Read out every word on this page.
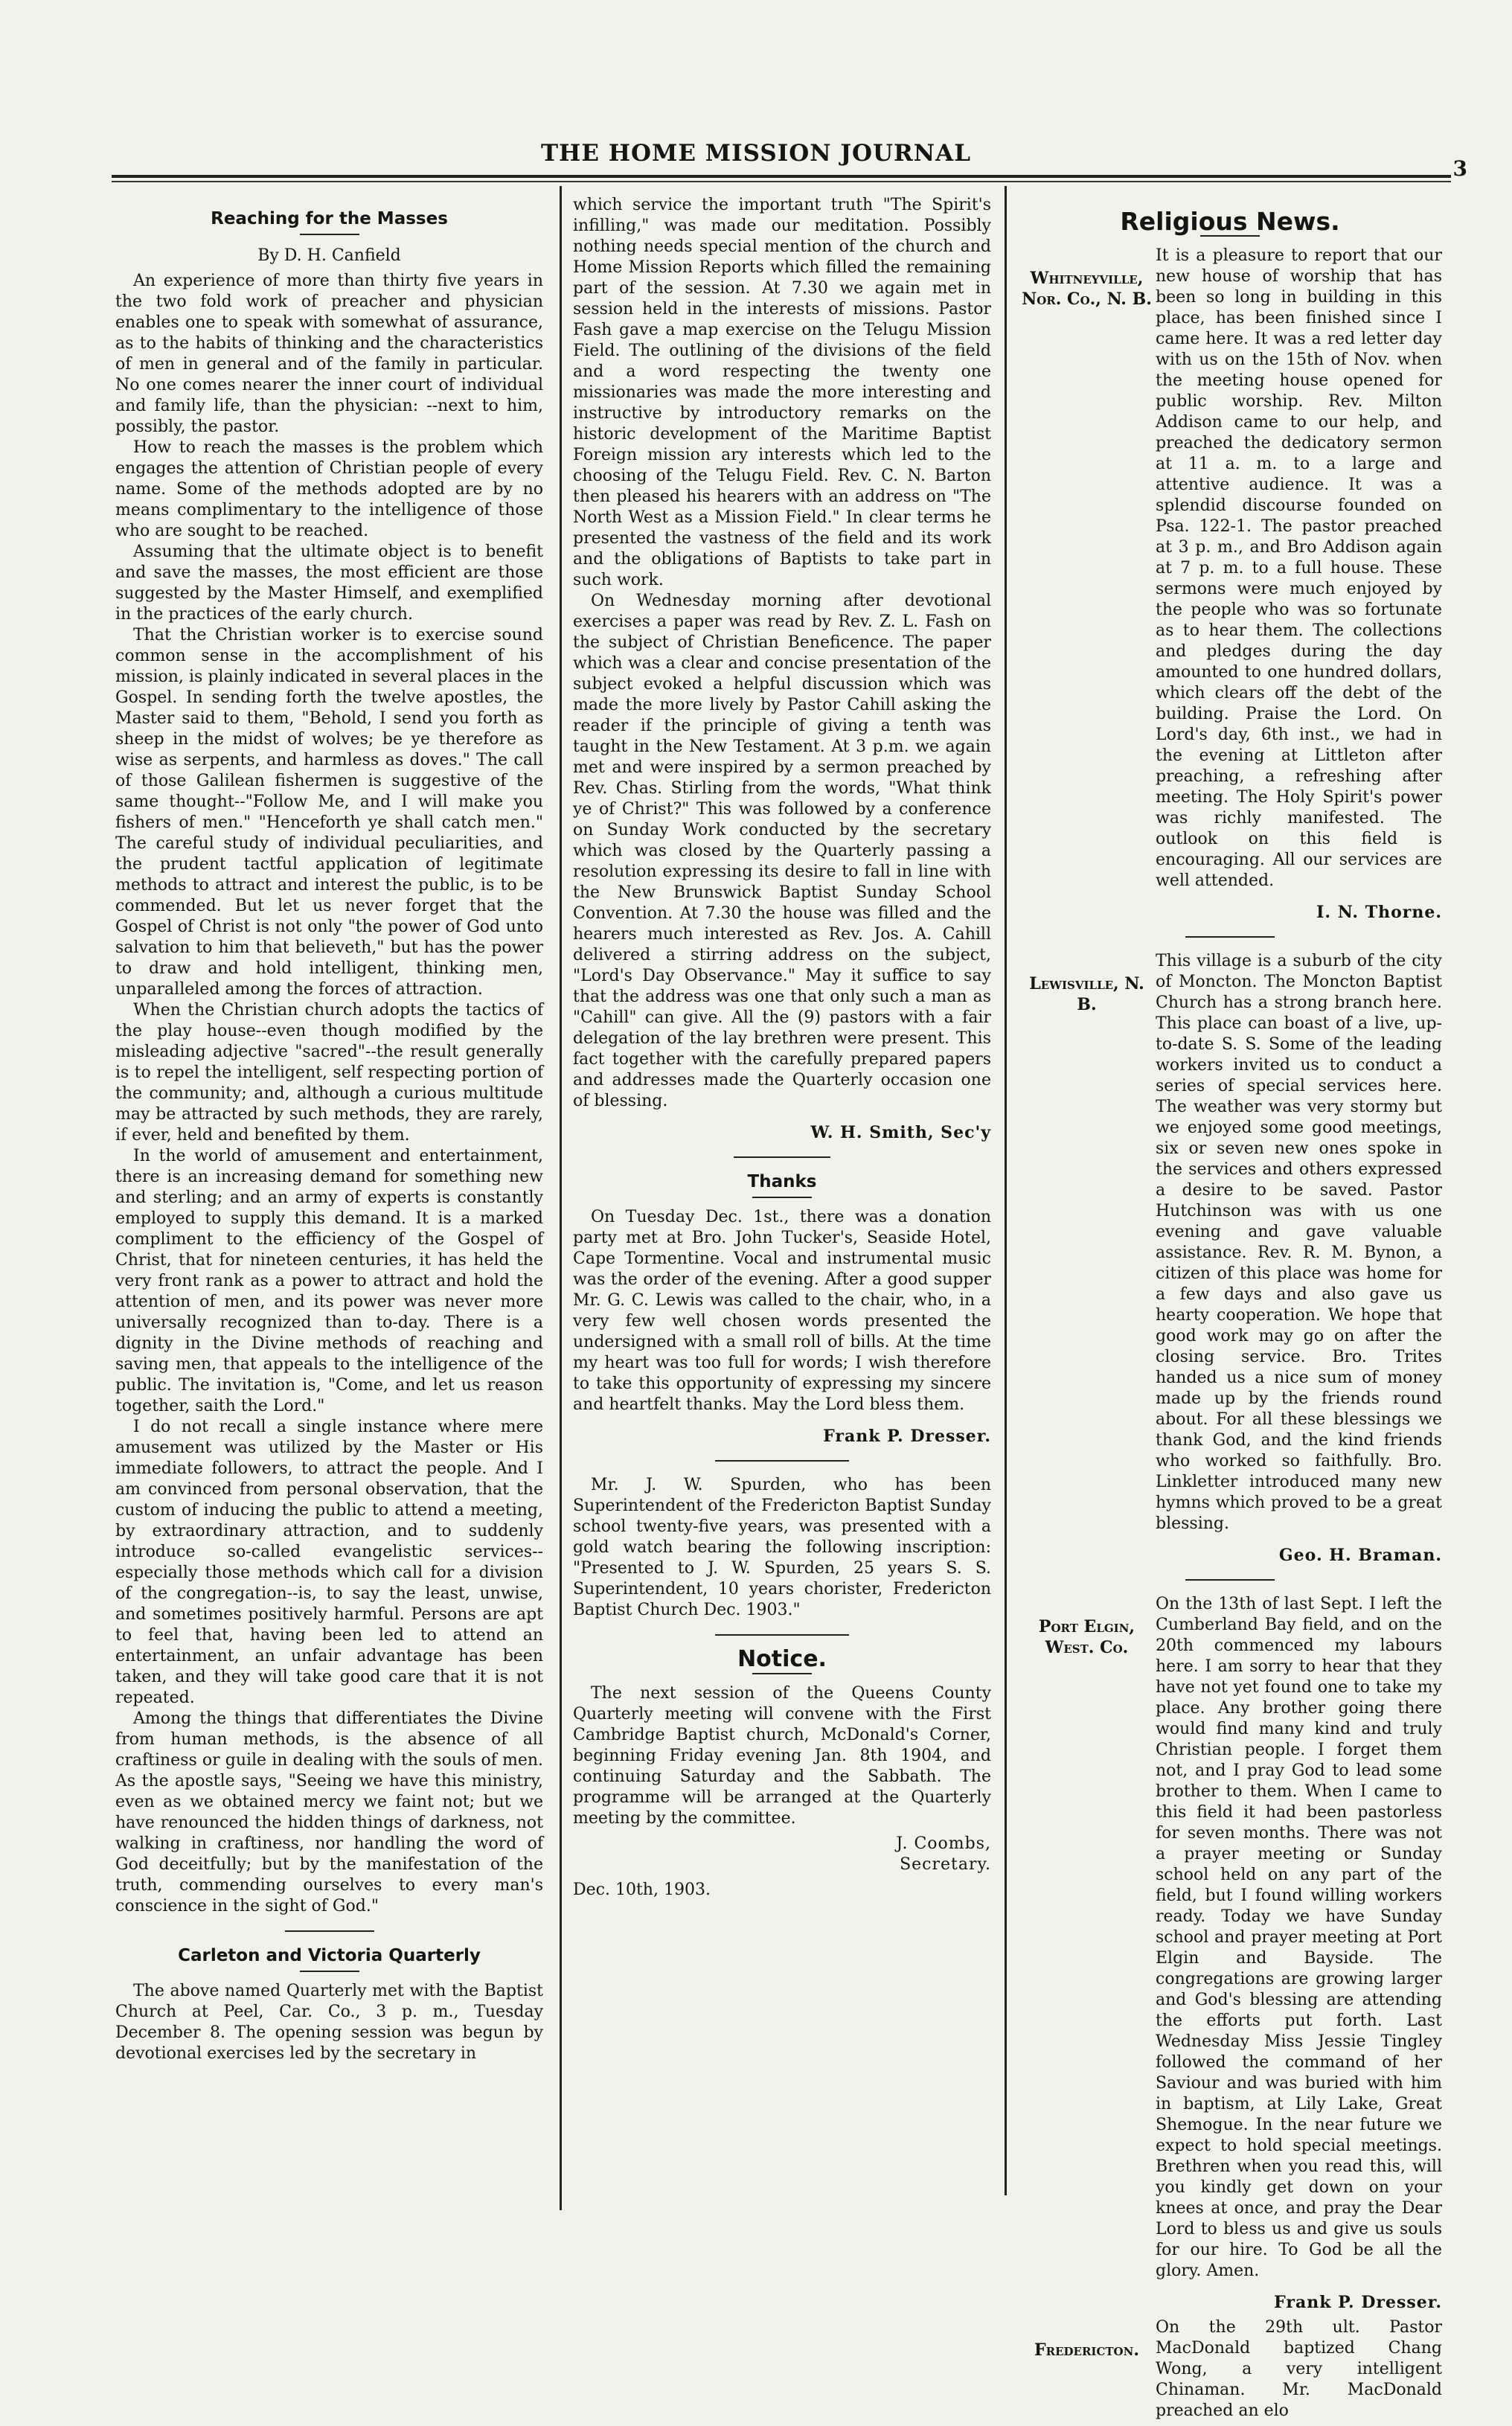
THE HOME MISSION JOURNAL
3
Reaching for the Masses
By D. H. Canfield

An experience of more than thirty five years in the two fold work of preacher and physician enables one to speak with somewhat of assurance, as to the habits of thinking and the characteristics of men in general and of the family in particular. No one comes nearer the inner court of individual and family life, than the physician: --next to him, possibly, the pastor.

How to reach the masses is the problem which engages the attention of Christian people of every name. Some of the methods adopted are by no means complimentary to the intelligence of those who are sought to be reached.

Assuming that the ultimate object is to benefit and save the masses, the most efficient are those suggested by the Master Himself, and exemplified in the practices of the early church.

That the Christian worker is to exercise sound common sense in the accomplishment of his mission, is plainly indicated in several places in the Gospel. In sending forth the twelve apostles, the Master said to them, "Behold, I send you forth as sheep in the midst of wolves; be ye therefore as wise as serpents, and harmless as doves." The call of those Galilean fishermen is suggestive of the same thought--"Follow Me, and I will make you fishers of men." "Henceforth ye shall catch men." The careful study of individual peculiarities, and the prudent tactful application of legitimate methods to attract and interest the public, is to be commended. But let us never forget that the Gospel of Christ is not only "the power of God unto salvation to him that believeth," but has the power to draw and hold intelligent, thinking men, unparalleled among the forces of attraction.

When the Christian church adopts the tactics of the play house--even though modified by the misleading adjective "sacred"--the result generally is to repel the intelligent, self respecting portion of the community; and, although a curious multitude may be attracted by such methods, they are rarely, if ever, held and benefited by them.

In the world of amusement and entertainment, there is an increasing demand for something new and sterling; and an army of experts is constantly employed to supply this demand. It is a marked compliment to the efficiency of the Gospel of Christ, that for nineteen centuries, it has held the very front rank as a power to attract and hold the attention of men, and its power was never more universally recognized than to-day. There is a dignity in the Divine methods of reaching and saving men, that appeals to the intelligence of the public. The invitation is, "Come, and let us reason together, saith the Lord."

I do not recall a single instance where mere amusement was utilized by the Master or His immediate followers, to attract the people. And I am convinced from personal observation, that the custom of inducing the public to attend a meeting, by extraordinary attraction, and to suddenly introduce so-called evangelistic services--especially those methods which call for a division of the congregation--is, to say the least, unwise, and sometimes positively harmful. Persons are apt to feel that, having been led to attend an entertainment, an unfair advantage has been taken, and they will take good care that it is not repeated.

Among the things that differentiates the Divine from human methods, is the absence of all craftiness or guile in dealing with the souls of men. As the apostle says, "Seeing we have this ministry, even as we obtained mercy we faint not; but we have renounced the hidden things of darkness, not walking in craftiness, nor handling the word of God deceitfully; but by the manifestation of the truth, commending ourselves to every man's conscience in the sight of God."

Carleton and Victoria Quarterly

The above named Quarterly met with the Baptist Church at Peel, Car. Co., 3 p. m., Tuesday December 8. The opening session was begun by devotional exercises led by the secretary in

which service the important truth "The Spirit's infilling," was made our meditation. Possibly nothing needs special mention of the church and Home Mission Reports which filled the remaining part of the session. At 7.30 we again met in session held in the interests of missions. Pastor Fash gave a map exercise on the Telugu Mission Field. The outlining of the divisions of the field and a word respecting the twenty one missionaries was made the more interesting and instructive by introductory remarks on the historic development of the Maritime Baptist Foreign mission ary interests which led to the choosing of the Telugu Field. Rev. C. N. Barton then pleased his hearers with an address on "The North West as a Mission Field." In clear terms he presented the vastness of the field and its work and the obligations of Baptists to take part in such work.

On Wednesday morning after devotional exercises a paper was read by Rev. Z. L. Fash on the subject of Christian Beneficence. The paper which was a clear and concise presentation of the subject evoked a helpful discussion which was made the more lively by Pastor Cahill asking the reader if the principle of giving a tenth was taught in the New Testament. At 3 p.m. we again met and were inspired by a sermon preached by Rev. Chas. Stirling from the words, "What think ye of Christ?" This was followed by a conference on Sunday Work conducted by the secretary which was closed by the Quarterly passing a resolution expressing its desire to fall in line with the New Brunswick Baptist Sunday School Convention. At 7.30 the house was filled and the hearers much interested as Rev. Jos. A. Cahill delivered a stirring address on the subject, "Lord's Day Observance." May it suffice to say that the address was one that only such a man as "Cahill" can give. All the (9) pastors with a fair delegation of the lay brethren were present. This fact together with the carefully prepared papers and addresses made the Quarterly occasion one of blessing.

W. H. Smith, Sec'y
Thanks

On Tuesday Dec. 1st., there was a donation party met at Bro. John Tucker's, Seaside Hotel, Cape Tormentine. Vocal and instrumental music was the order of the evening. After a good supper Mr. G. C. Lewis was called to the chair, who, in a very few well chosen words presented the undersigned with a small roll of bills. At the time my heart was too full for words; I wish therefore to take this opportunity of expressing my sincere and heartfelt thanks. May the Lord bless them.

Frank P. Dresser.

Mr. J. W. Spurden, who has been Superintendent of the Fredericton Baptist Sunday school twenty-five years, was presented with a gold watch bearing the following inscription: "Presented to J. W. Spurden, 25 years S. S. Superintendent, 10 years chorister, Fredericton Baptist Church Dec. 1903."

Notice.

The next session of the Queens County Quarterly meeting will convene with the First Cambridge Baptist church, McDonald's Corner, beginning Friday evening Jan. 8th 1904, and continuing Saturday and the Sabbath. The programme will be arranged at the Quarterly meeting by the committee.

J. Coombs,
Secretary.
Dec. 10th, 1903.
Religious News.
Whitneyville, Nor. Co., N. B.
It is a pleasure to report that our new house of worship that has been so long in building in this place, has been finished since I came here. It was a red letter day with us on the 15th of Nov. when the meeting house opened for public worship. Rev. Milton Addison came to our help, and preached the dedicatory sermon at 11 a. m. to a large and attentive audience. It was a splendid discourse founded on Psa. 122-1. The pastor preached at 3 p. m., and Bro Addison again at 7 p. m. to a full house. These sermons were much enjoyed by the people who was so fortunate as to hear them. The collections and pledges during the day amounted to one hundred dollars, which clears off the debt of the building. Praise the Lord. On Lord's day, 6th inst., we had in the evening at Littleton after preaching, a refreshing after meeting. The Holy Spirit's power was richly manifested. The outlook on this field is encouraging. All our services are well attended.
I. N. Thorne.
Lewisville, N. B.
This village is a suburb of the city of Moncton. The Moncton Baptist Church has a strong branch here. This place can boast of a live, up-to-date S. S. Some of the leading workers invited us to conduct a series of special services here. The weather was very stormy but we enjoyed some good meetings, six or seven new ones spoke in the services and others expressed a desire to be saved. Pastor Hutchinson was with us one evening and gave valuable assistance. Rev. R. M. Bynon, a citizen of this place was home for a few days and also gave us hearty cooperation. We hope that good work may go on after the closing service. Bro. Trites handed us a nice sum of money made up by the friends round about. For all these blessings we thank God, and the kind friends who worked so faithfully. Bro. Linkletter introduced many new hymns which proved to be a great blessing.
Geo. H. Braman.
Port Elgin, West. Co.
On the 13th of last Sept. I left the Cumberland Bay field, and on the 20th commenced my labours here. I am sorry to hear that they have not yet found one to take my place. Any brother going there would find many kind and truly Christian people. I forget them not, and I pray God to lead some brother to them. When I came to this field it had been pastorless for seven months. There was not a prayer meeting or Sunday school held on any part of the field, but I found willing workers ready. Today we have Sunday school and prayer meeting at Port Elgin and Bayside. The congregations are growing larger and God's blessing are attending the efforts put forth. Last Wednesday Miss Jessie Tingley followed the command of her Saviour and was buried with him in baptism, at Lily Lake, Great Shemogue. In the near future we expect to hold special meetings. Brethren when you read this, will you kindly get down on your knees at once, and pray the Dear Lord to bless us and give us souls for our hire. To God be all the glory. Amen.
Frank P. Dresser.
Fredericton.
On the 29th ult. Pastor MacDonald baptized Chang Wong, a very intelligent Chinaman. Mr. MacDonald preached an elo
